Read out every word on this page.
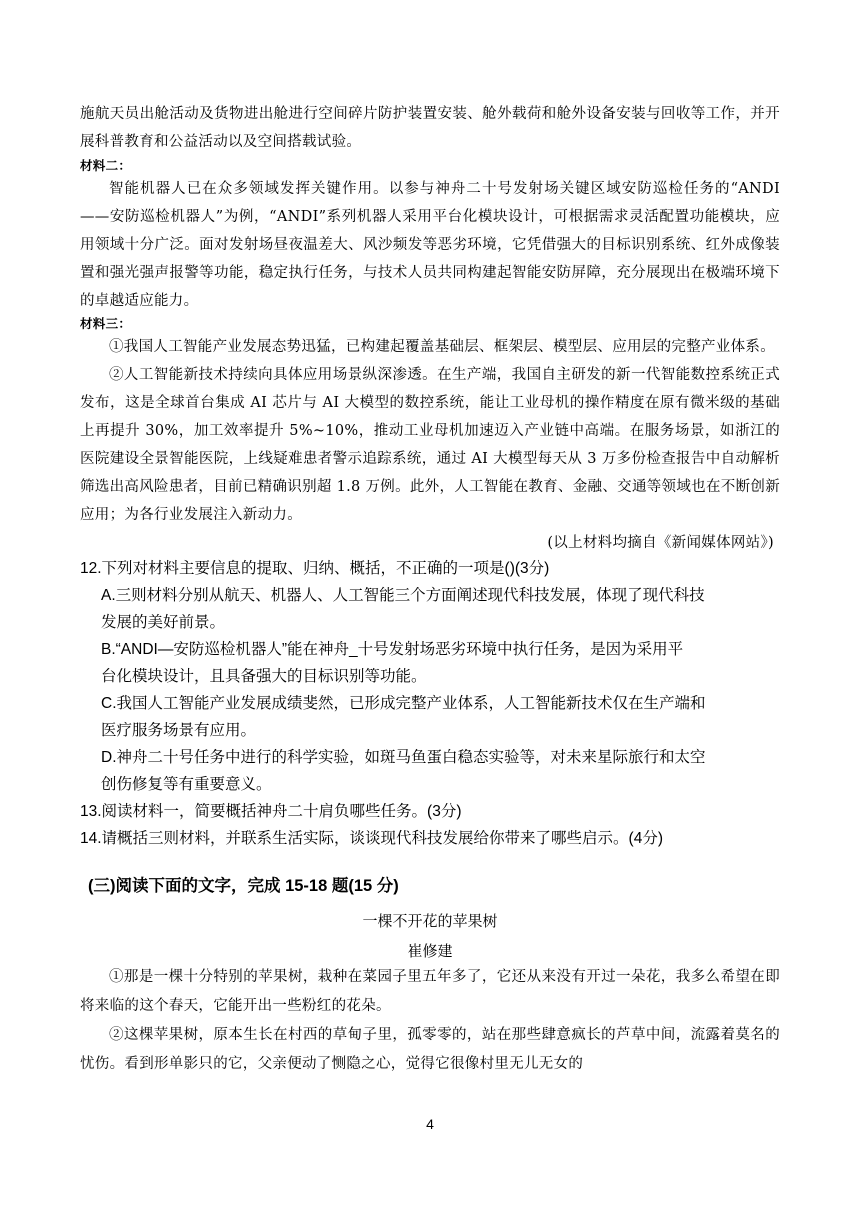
施航天员出舱活动及货物进出舱进行空间碎片防护装置安装、舱外载荷和舱外设备安装与回收等工作，并开展科普教育和公益活动以及空间搭载试验。

材料二：

智能机器人已在众多领域发挥关键作用。以参与神舟二十号发射场关键区域安防巡检任务的“ANDI——安防巡检机器人”为例，“ANDI”系列机器人采用平台化模块设计，可根据需求灵活配置功能模块，应用领域十分广泛。面对发射场昼夜温差大、风沙频发等恶劣环境，它凭借强大的目标识别系统、红外成像装置和强光强声报警等功能，稳定执行任务，与技术人员共同构建起智能安防屏障，充分展现出在极端环境下的卓越适应能力。

材料三：

①我国人工智能产业发展态势迅猛，已构建起覆盖基础层、框架层、模型层、应用层的完整产业体系。

②人工智能新技术持续向具体应用场景纵深渗透。在生产端，我国自主研发的新一代智能数控系统正式发布，这是全球首台集成 AI 芯片与 AI 大模型的数控系统，能让工业母机的操作精度在原有微米级的基础上再提升 30%，加工效率提升 5%~10%，推动工业母机加速迈入产业链中高端。在服务场景，如浙江的医院建设全景智能医院，上线疑难患者警示追踪系统，通过 AI 大模型每天从 3 万多份检查报告中自动解析筛选出高风险患者，目前已精确识别超 1.8 万例。此外，人工智能在教育、金融、交通等领域也在不断创新应用；为各行业发展注入新动力。

(以上材料均摘自《新闻媒体网站》)

12.下列对材料主要信息的提取、归纳、概括，不正确的一项是()(3分)

A.三则材料分别从航天、机器人、人工智能三个方面阐述现代科技发展，体现了现代科技

发展的美好前景。

B.“ANDI—安防巡检机器人”能在神舟_十号发射场恶劣环境中执行任务，是因为采用平

台化模块设计，且具备强大的目标识别等功能。

C.我国人工智能产业发展成绩斐然，已形成完整产业体系，人工智能新技术仅在生产端和

医疗服务场景有应用。

D.神舟二十号任务中进行的科学实验，如斑马鱼蛋白稳态实验等，对未来星际旅行和太空

创伤修复等有重要意义。

13.阅读材料一，简要概括神舟二十肩负哪些任务。(3分)

14.请概括三则材料，并联系生活实际，谈谈现代科技发展给你带来了哪些启示。(4分)

(三)阅读下面的文字，完成 15-18 题(15 分)
一棵不开花的苹果树
崔修建

①那是一棵十分特别的苹果树，栽种在菜园子里五年多了，它还从来没有开过一朵花，我多么希望在即将来临的这个春天，它能开出一些粉红的花朵。

②这棵苹果树，原本生长在村西的草甸子里，孤零零的，站在那些肆意疯长的芦草中间，流露着莫名的忧伤。看到形单影只的它，父亲便动了恻隐之心，觉得它很像村里无儿无女的

4
